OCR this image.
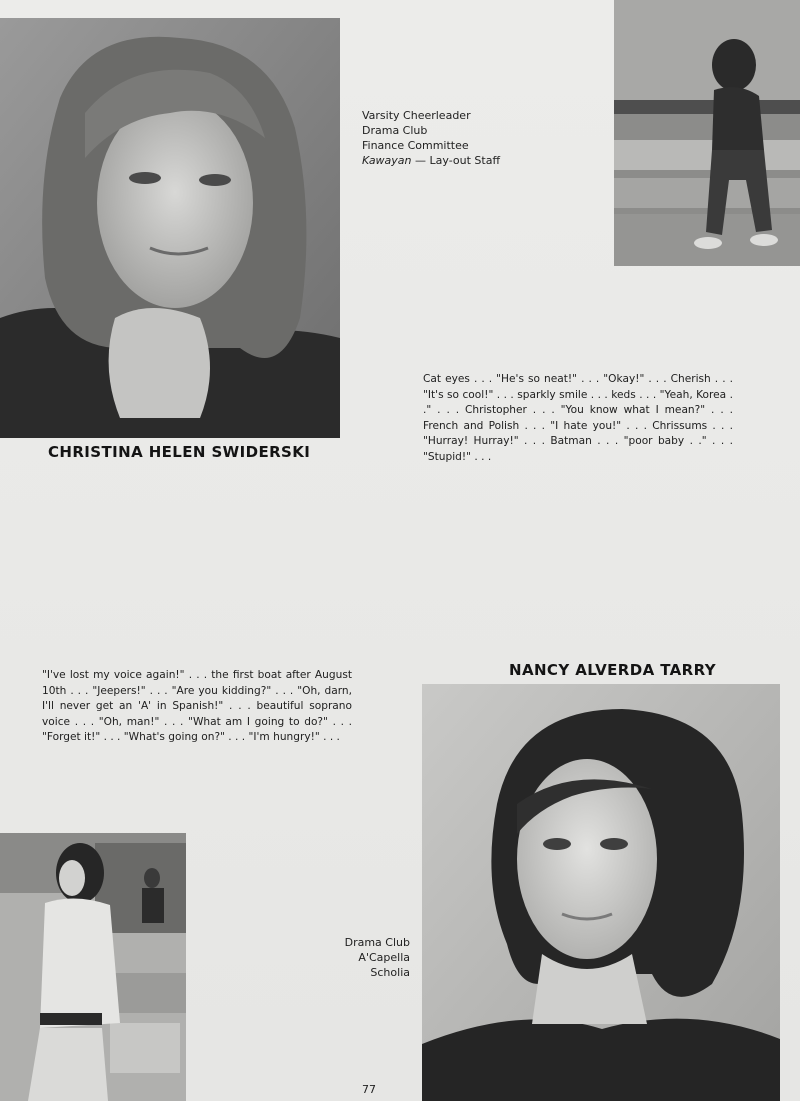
Varsity Cheerleader
Drama Club
Finance Committee
Kawayan — Lay-out Staff
CHRISTINA HELEN SWIDERSKI
Cat eyes . . . "He's so neat!" . . . "Okay!" . . . Cherish . . . "It's so cool!" . . . sparkly smile . . . keds . . . "Yeah, Korea . ." . . . Christopher . . . "You know what I mean?" . . . French and Polish . . . "I hate you!" . . . Chrissums . . . "Hurray! Hurray!" . . . Batman . . . "poor baby . ." . . . "Stupid!" . . .
"I've lost my voice again!" . . . the first boat after August 10th . . . "Jeepers!" . . . "Are you kidding?" . . . "Oh, darn, I'll never get an 'A' in Spanish!" . . . beautiful soprano voice . . . "Oh, man!" . . . "What am I going to do?" . . . "Forget it!" . . . "What's going on?" . . . "I'm hungry!" . . .
NANCY ALVERDA TARRY
Drama Club
A'Capella
Scholia
77
